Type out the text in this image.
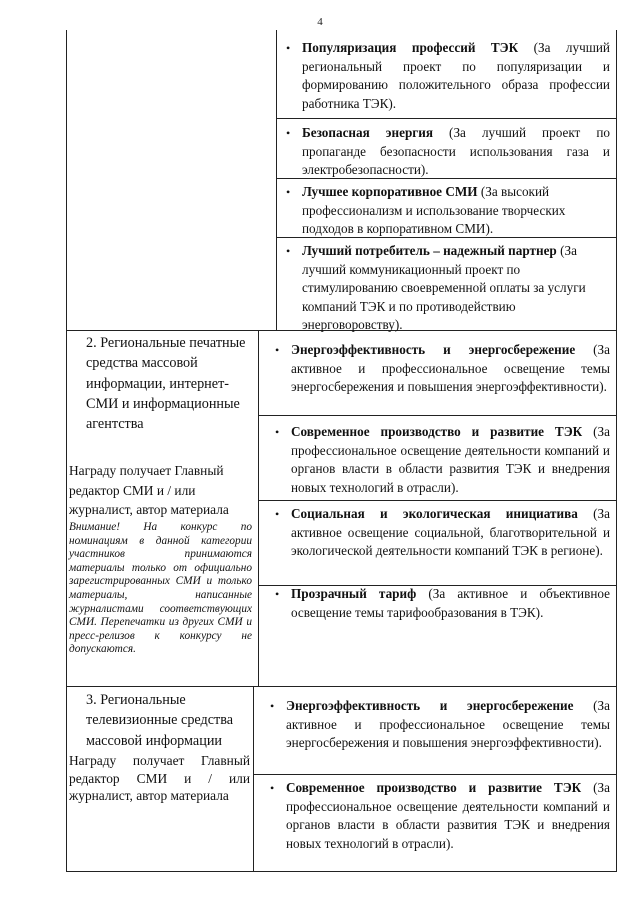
4
• Популяризация профессий ТЭК (За лучший региональный проект по популяризации и формированию положительного образа профессии работника ТЭК).
• Безопасная энергия (За лучший проект по пропаганде безопасности использования газа и электробезопасности).
• Лучшее корпоративное СМИ (За высокий профессионализм и использование творческих подходов в корпоративном СМИ).
• Лучший потребитель – надежный партнер (За лучший коммуникационный проект по стимулированию своевременной оплаты за услуги компаний ТЭК и по противодействию энерговоровству).
2. Региональные печатные средства массовой информации, интернет-СМИ и информационные агентства
Награду получает Главный редактор СМИ и / или журналист, автор материала
Внимание! На конкурс по номинациям в данной категории участников принимаются материалы только от официально зарегистрированных СМИ и только материалы, написанные журналистами соответствующих СМИ. Перепечатки из других СМИ и пресс-релизов к конкурсу не допускаются.
• Энергоэффективность и энергосбережение (За активное и профессиональное освещение темы энергосбережения и повышения энергоэффективности).
• Современное производство и развитие ТЭК (За профессиональное освещение деятельности компаний и органов власти в области развития ТЭК и внедрения новых технологий в отрасли).
• Социальная и экологическая инициатива (За активное освещение социальной, благотворительной и экологической деятельности компаний ТЭК в регионе).
• Прозрачный тариф (За активное и объективное освещение темы тарифообразования в ТЭК).
3. Региональные телевизионные средства массовой информации
Награду получает Главный редактор СМИ и / или журналист, автор материала
• Энергоэффективность и энергосбережение (За активное и профессиональное освещение темы энергосбережения и повышения энергоэффективности).
• Современное производство и развитие ТЭК (За профессиональное освещение деятельности компаний и органов власти в области развития ТЭК и внедрения новых технологий в отрасли).
